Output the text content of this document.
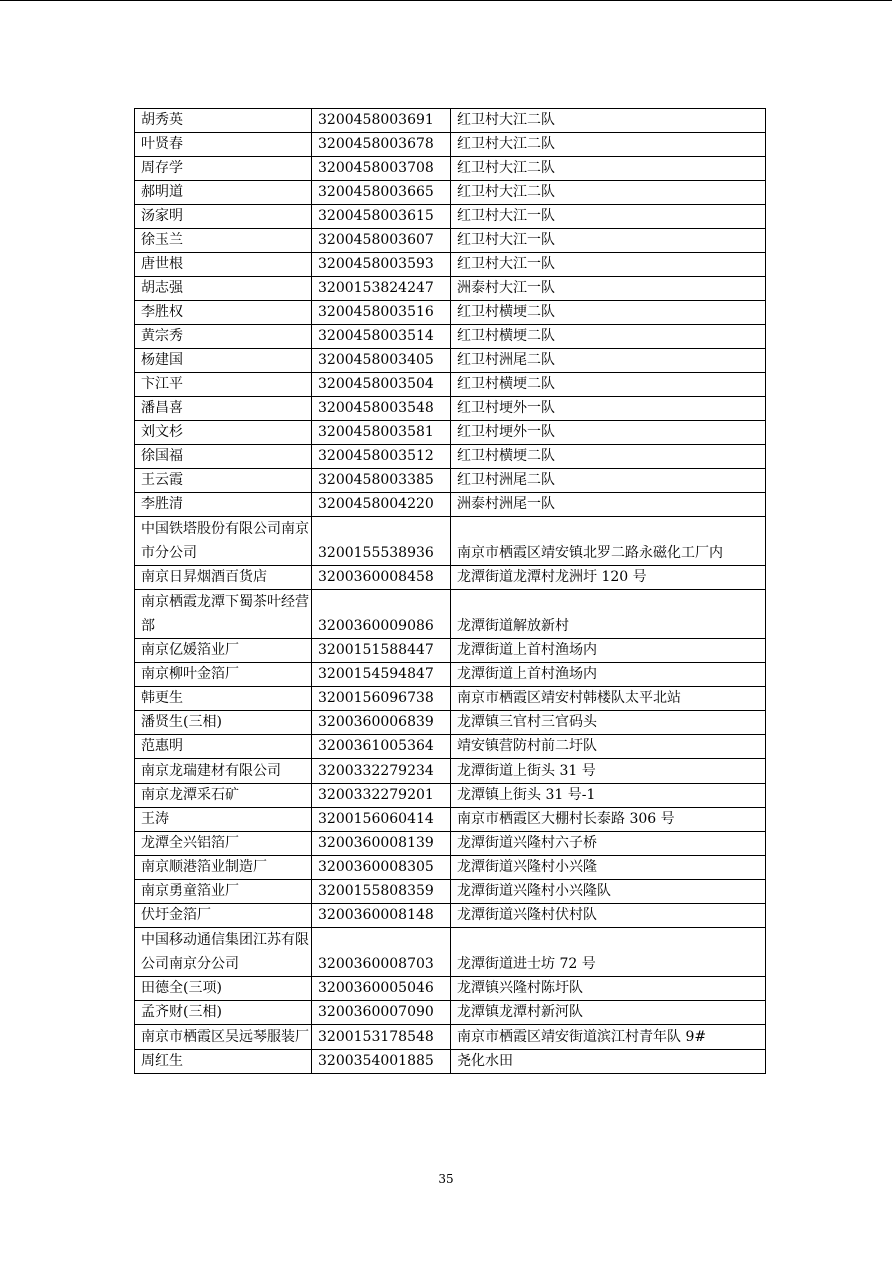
胡秀英	3200458003691	红卫村大江二队
叶贤春	3200458003678	红卫村大江二队
周存学	3200458003708	红卫村大江二队
郝明道	3200458003665	红卫村大江二队
汤家明	3200458003615	红卫村大江一队
徐玉兰	3200458003607	红卫村大江一队
唐世根	3200458003593	红卫村大江一队
胡志强	3200153824247	洲泰村大江一队
李胜权	3200458003516	红卫村横埂二队
黄宗秀	3200458003514	红卫村横埂二队
杨建国	3200458003405	红卫村洲尾二队
卞江平	3200458003504	红卫村横埂二队
潘昌喜	3200458003548	红卫村埂外一队
刘文杉	3200458003581	红卫村埂外一队
徐国福	3200458003512	红卫村横埂二队
王云霞	3200458003385	红卫村洲尾二队
李胜清	3200458004220	洲泰村洲尾一队
中国铁塔股份有限公司南京市分公司	3200155538936	南京市栖霞区靖安镇北罗二路永磁化工厂内
南京日昇烟酒百货店	3200360008458	龙潭街道龙潭村龙洲圩 120 号
南京栖霞龙潭下蜀茶叶经营部	3200360009086	龙潭街道解放新村
南京亿媛箔业厂	3200151588447	龙潭街道上首村渔场内
南京柳叶金箔厂	3200154594847	龙潭街道上首村渔场内
韩更生	3200156096738	南京市栖霞区靖安村韩楼队太平北站
潘贤生(三相)	3200360006839	龙潭镇三官村三官码头
范惠明	3200361005364	靖安镇营防村前二圩队
南京龙瑞建材有限公司	3200332279234	龙潭街道上街头 31 号
南京龙潭采石矿	3200332279201	龙潭镇上街头 31 号-1
王涛	3200156060414	南京市栖霞区大棚村长泰路 306 号
龙潭全兴铝箔厂	3200360008139	龙潭街道兴隆村六子桥
南京顺港箔业制造厂	3200360008305	龙潭街道兴隆村小兴隆
南京勇童箔业厂	3200155808359	龙潭街道兴隆村小兴隆队
伏圩金箔厂	3200360008148	龙潭街道兴隆村伏村队
中国移动通信集团江苏有限公司南京分公司	3200360008703	龙潭街道进士坊 72 号
田德全(三项)	3200360005046	龙潭镇兴隆村陈圩队
孟齐财(三相)	3200360007090	龙潭镇龙潭村新河队
南京市栖霞区吴远琴服装厂	3200153178548	南京市栖霞区靖安街道滨江村青年队 9#
周红生	3200354001885	尧化水田
35
